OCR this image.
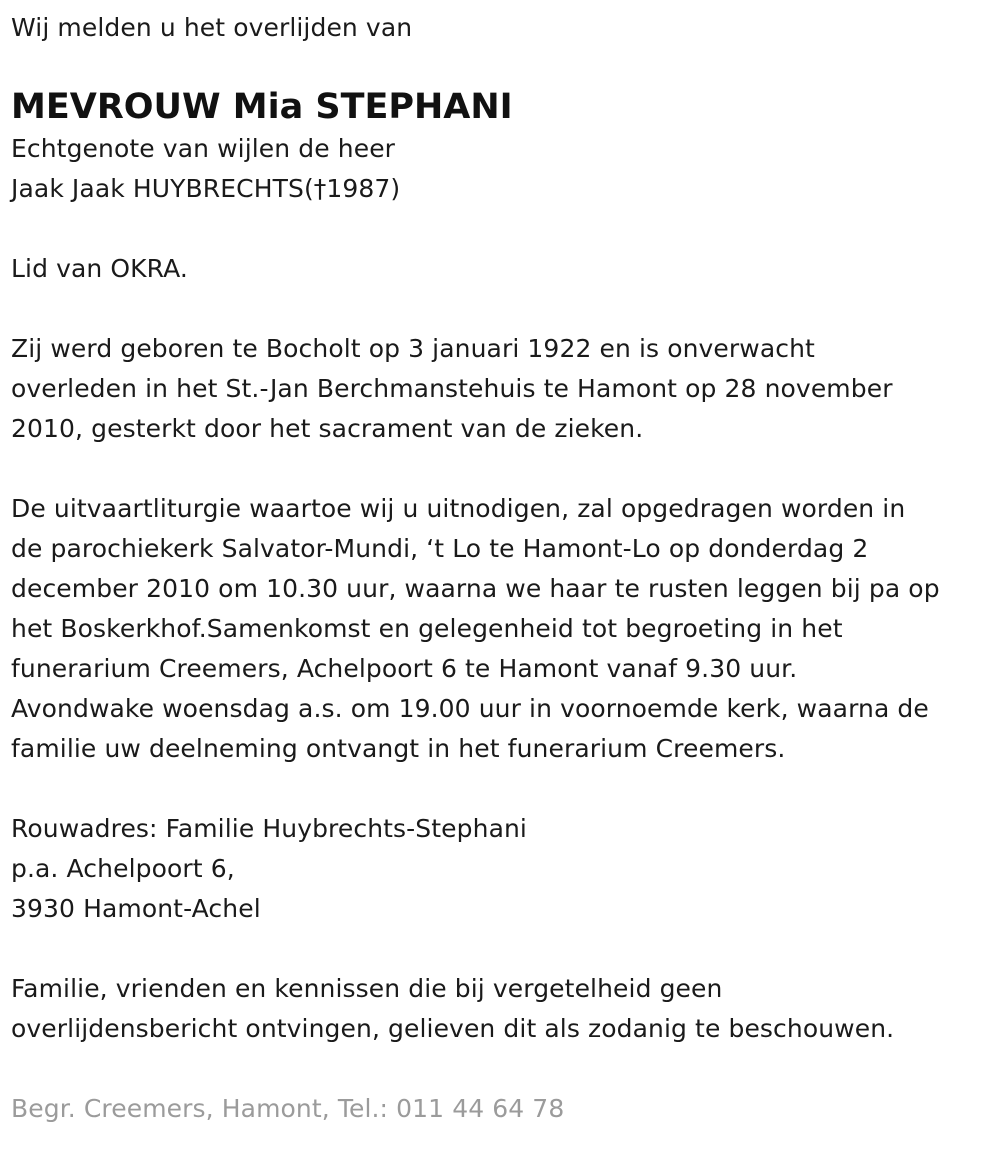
Wij melden u het overlijden van
MEVROUW Mia STEPHANI
Echtgenote van wijlen de heer
Jaak Jaak HUYBRECHTS(†1987)
Lid van OKRA.
Zij werd geboren te Bocholt op 3 januari 1922 en is onverwacht
overleden in het St.-Jan Berchmanstehuis te Hamont op 28 november
2010, gesterkt door het sacrament van de zieken.
De uitvaartliturgie waartoe wij u uitnodigen, zal opgedragen worden in
de parochiekerk Salvator-Mundi, ‘t Lo te Hamont-Lo op donderdag 2
december 2010 om 10.30 uur, waarna we haar te rusten leggen bij pa op
het Boskerkhof.Samenkomst en gelegenheid tot begroeting in het
funerarium Creemers, Achelpoort 6 te Hamont vanaf 9.30 uur.
Avondwake woensdag a.s. om 19.00 uur in voornoemde kerk, waarna de
familie uw deelneming ontvangt in het funerarium Creemers.
Rouwadres: Familie Huybrechts-Stephani
p.a. Achelpoort 6,
3930 Hamont-Achel
Familie, vrienden en kennissen die bij vergetelheid geen
overlijdensbericht ontvingen, gelieven dit als zodanig te beschouwen.
Begr. Creemers, Hamont, Tel.: 011 44 64 78
